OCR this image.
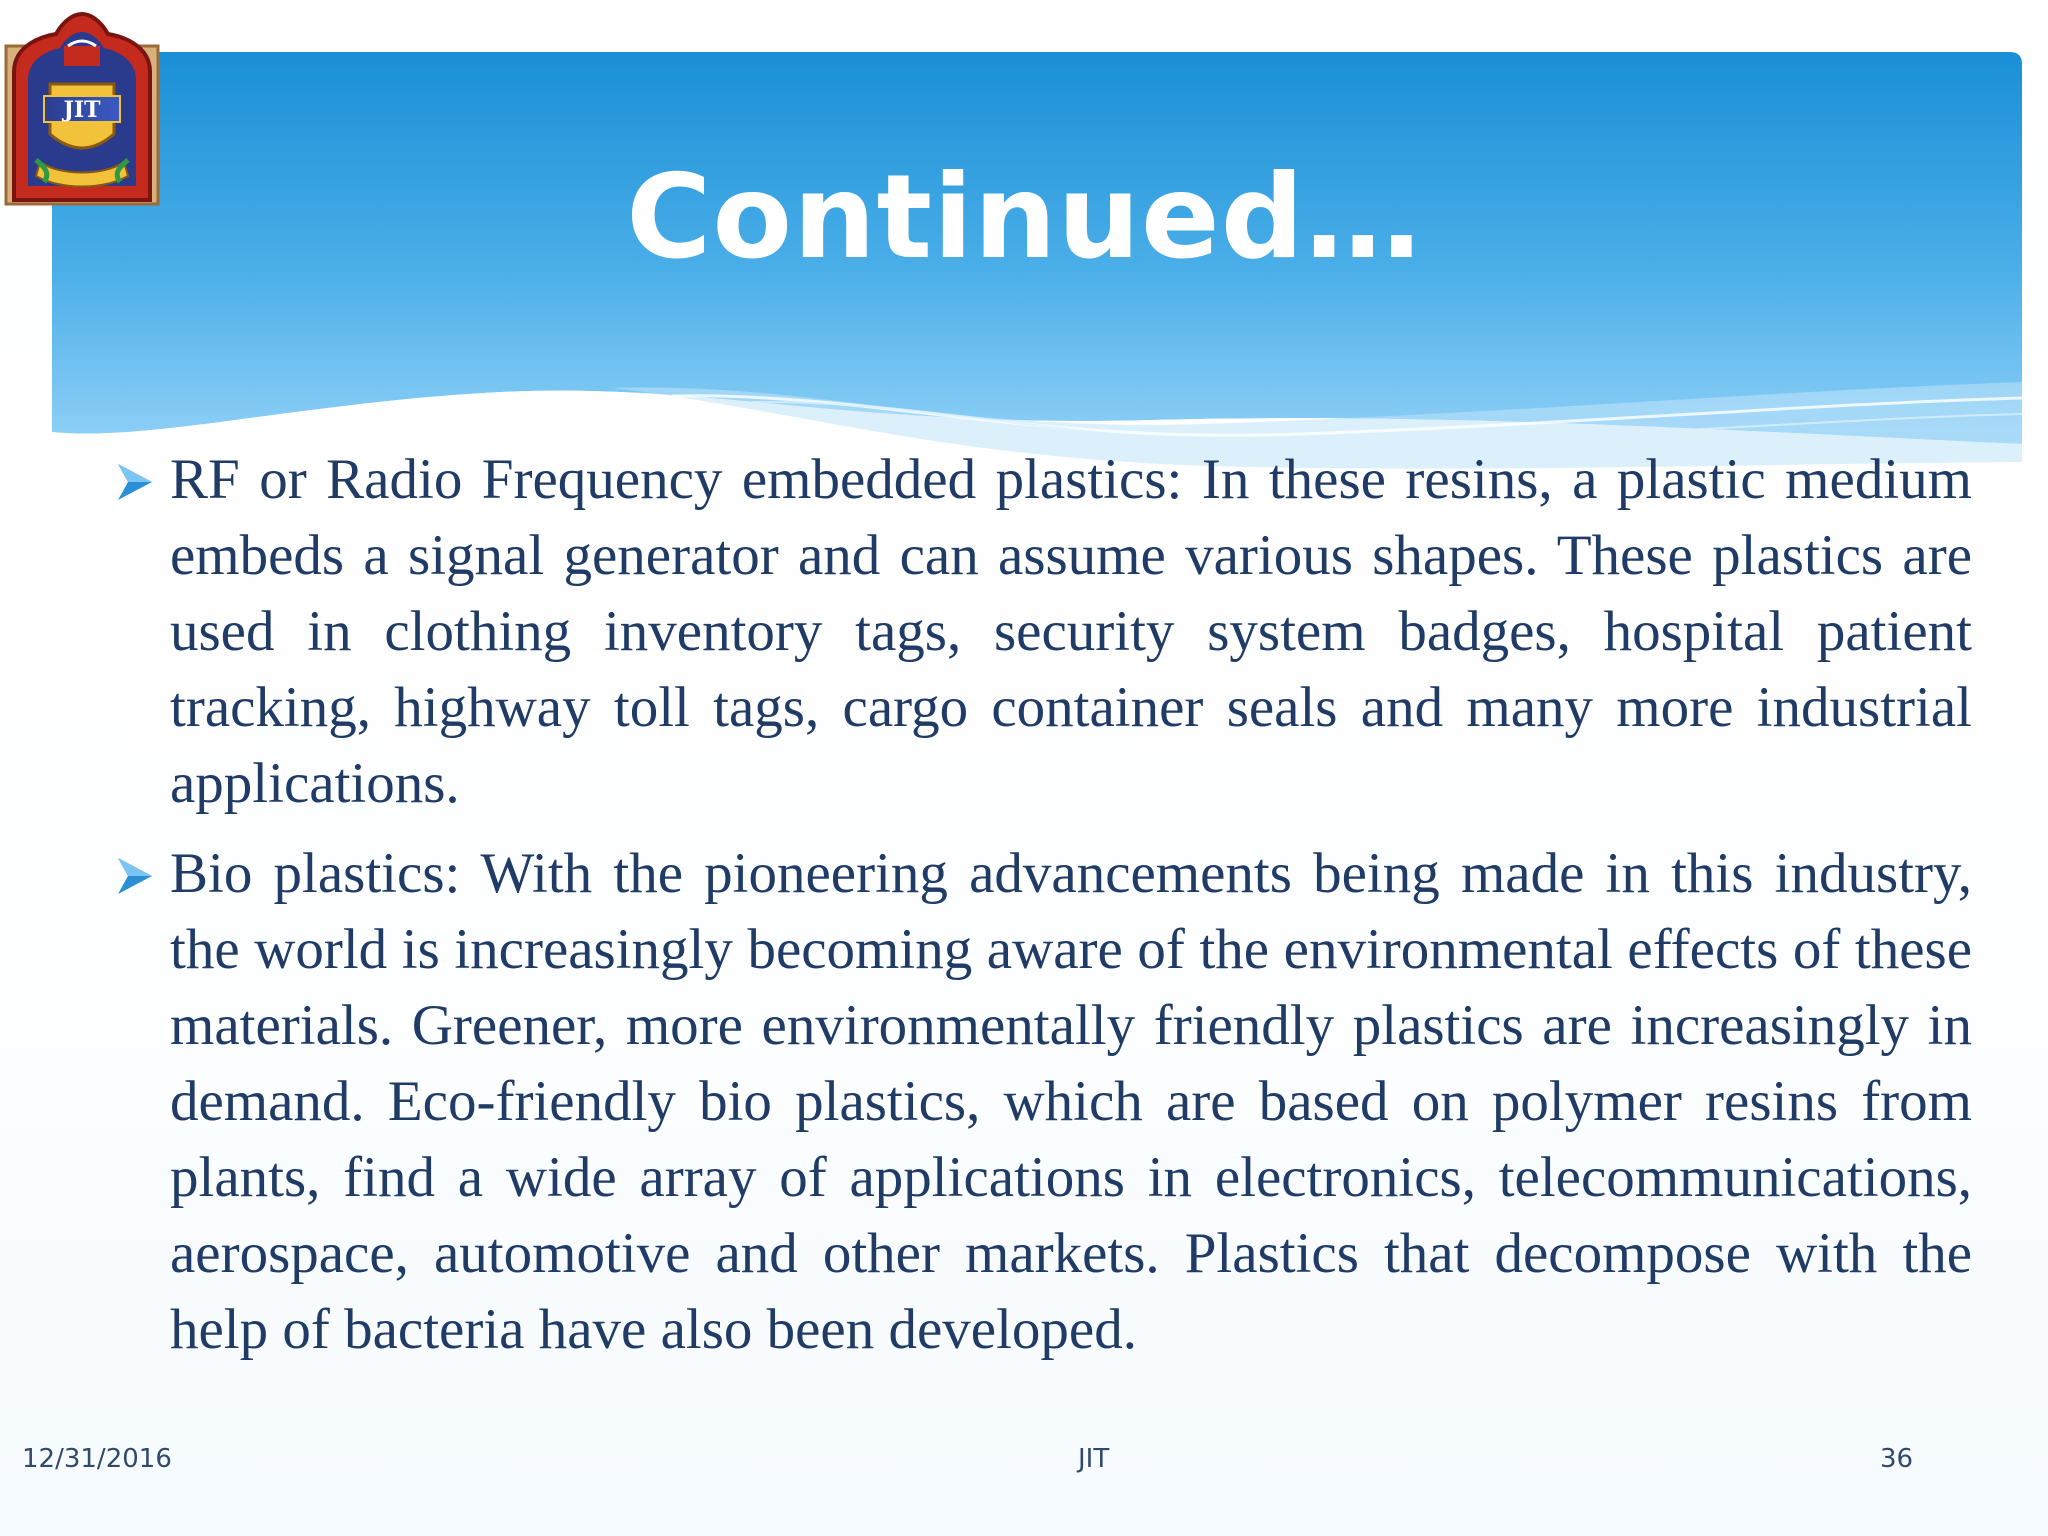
JIT
Continued…

RF or Radio Frequency embedded plastics: In these resins, a plastic medium embeds a signal generator and can assume various shapes. These plastics are used in clothing inventory tags, security system badges, hospital patient tracking, highway toll tags, cargo container seals and many more industrial applications.

Bio plastics: With the pioneering advancements being made in this industry, the world is increasingly becoming aware of the environmental effects of these materials. Greener, more environmentally friendly plastics are increasingly in demand. Eco-friendly bio plastics, which are based on polymer resins from plants, find a wide array of applications in electronics, telecommunications, aerospace, automotive and other markets. Plastics that decompose with the help of bacteria have also been developed.

12/31/2016	JIT	36
